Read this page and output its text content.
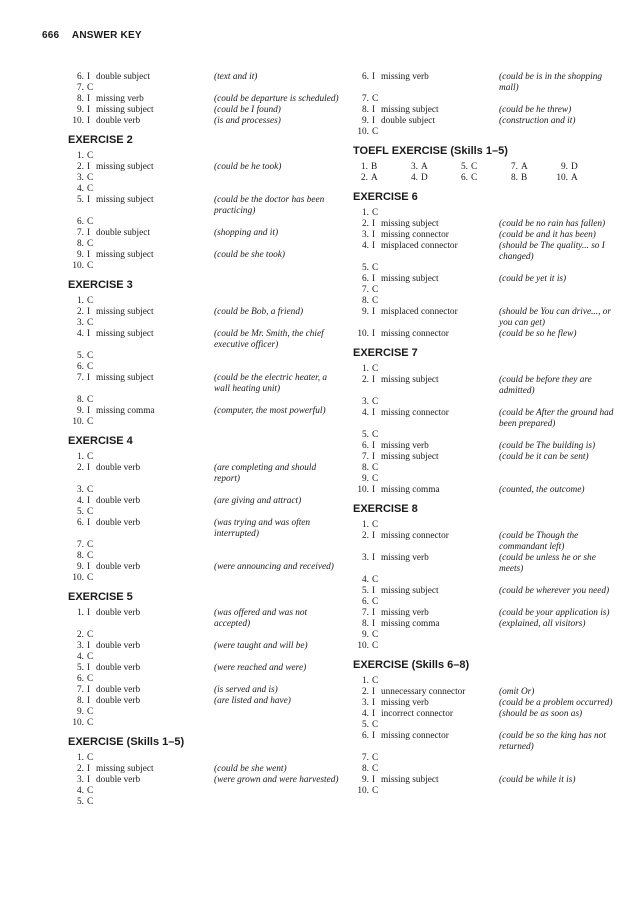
666 ANSWER KEY
6. I double subject	(text and it)
7. C
8. I missing verb	(could be departure is scheduled)
9. I missing subject	(could be I found)
10. I double verb	(is and processes)
EXERCISE 2
1. C
2. I missing subject	(could be he took)
3. C
4. C
5. I missing subject	(could be the doctor has been practicing)
6. C
7. I double subject	(shopping and it)
8. C
9. I missing subject	(could be she took)
10. C
EXERCISE 3
1. C
2. I missing subject	(could be Bob, a friend)
3. C
4. I missing subject	(could be Mr. Smith, the chief executive officer)
5. C
6. C
7. I missing subject	(could be the electric heater, a wall heating unit)
8. C
9. I missing comma	(computer, the most powerful)
10. C
EXERCISE 4
1. C
2. I double verb	(are completing and should report)
3. C
4. I double verb	(are giving and attract)
5. C
6. I double verb	(was trying and was often interrupted)
7. C
8. C
9. I double verb	(were announcing and received)
10. C
EXERCISE 5
1. I double verb	(was offered and was not accepted)
2. C
3. I double verb	(were taught and will be)
4. C
5. I double verb	(were reached and were)
6. C
7. I double verb	(is served and is)
8. I double verb	(are listed and have)
9. C
10. C
EXERCISE (Skills 1–5)
1. C
2. I missing subject	(could be she went)
3. I double verb	(were grown and were harvested)
4. C
5. C
6. I missing verb	(could be is in the shopping mall)
7. C
8. I missing subject	(could be he threw)
9. I double subject	(construction and it)
10. C
TOEFL EXERCISE (Skills 1–5)
1. B	3. A	5. C	7. A	9. D
2. A	4. D	6. C	8. B	10. A
EXERCISE 6
1. C
2. I missing subject	(could be no rain has fallen)
3. I missing connector	(could be and it has been)
4. I misplaced connector	(should be The quality... so I changed)
5. C
6. I missing subject	(could be yet it is)
7. C
8. C
9. I misplaced connector	(should be You can drive..., or you can get)
10. I missing connector	(could be so he flew)
EXERCISE 7
1. C
2. I missing subject	(could be before they are admitted)
3. C
4. I missing connector	(could be After the ground had been prepared)
5. C
6. I missing verb	(could be The building is)
7. I missing subject	(could be it can be sent)
8. C
9. C
10. I missing comma	(counted, the outcome)
EXERCISE 8
1. C
2. I missing connector	(could be Though the commandant left)
3. I missing verb	(could be unless he or she meets)
4. C
5. I missing subject	(could be wherever you need)
6. C
7. I missing verb	(could be your application is)
8. I missing comma	(explained, all visitors)
9. C
10. C
EXERCISE (Skills 6–8)
1. C
2. I unnecessary connector	(omit Or)
3. I missing verb	(could be a problem occurred)
4. I incorrect connector	(should be as soon as)
5. C
6. I missing connector	(could be so the king has not returned)
7. C
8. C
9. I missing subject	(could be while it is)
10. C
